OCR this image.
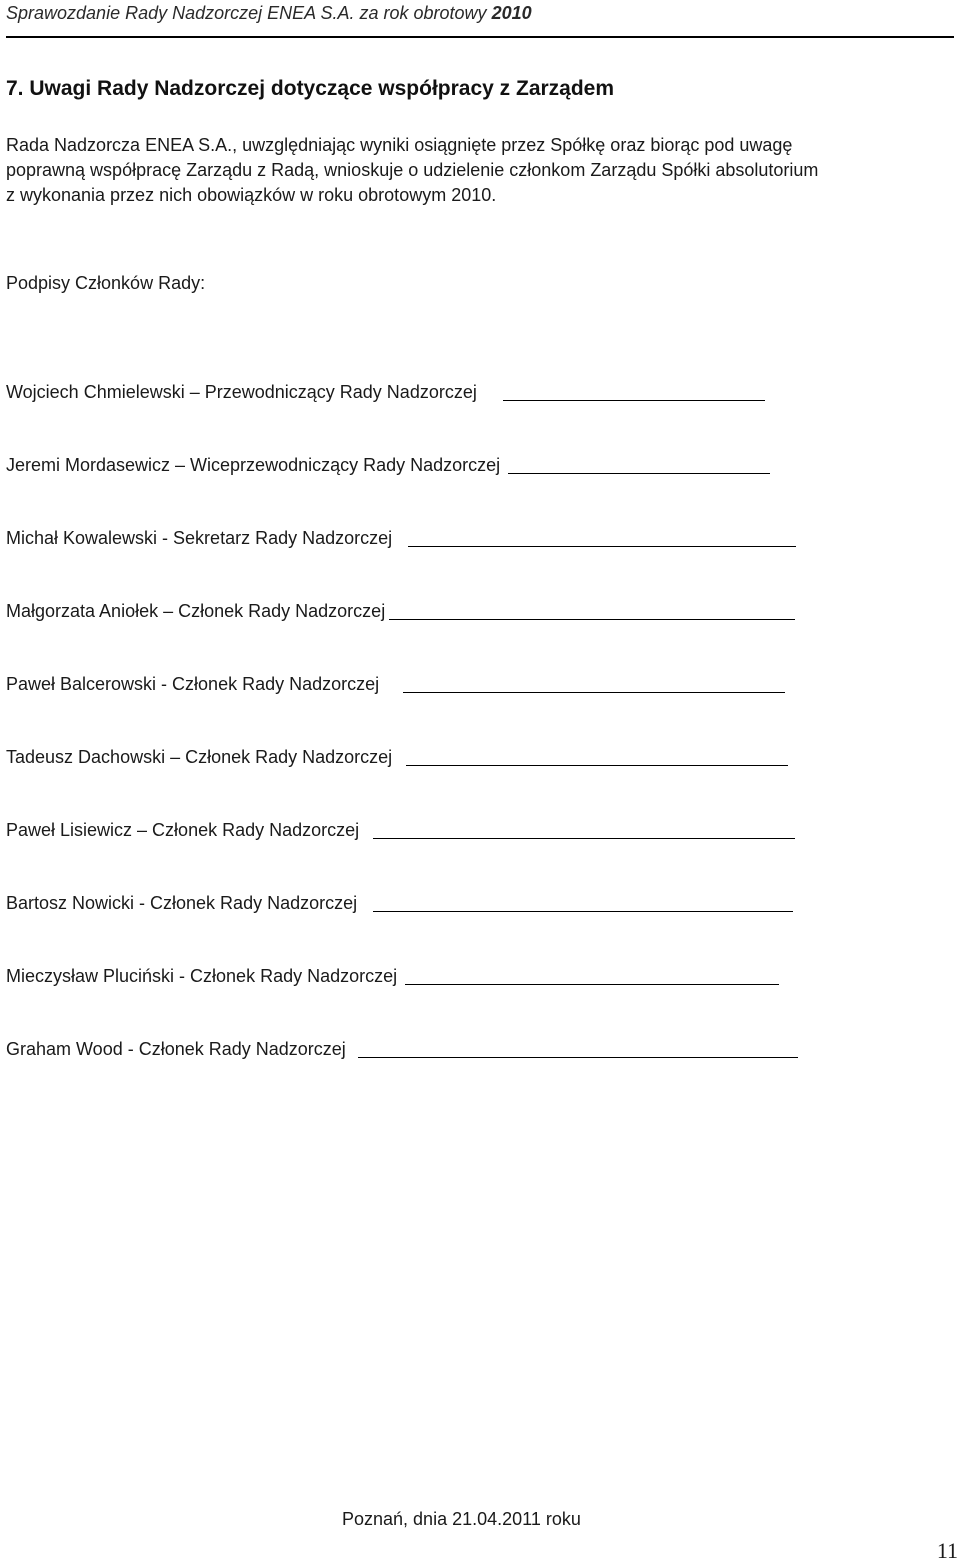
Sprawozdanie Rady Nadzorczej ENEA S.A. za rok obrotowy 2010
7. Uwagi Rady Nadzorczej dotyczące współpracy z Zarządem

Rada Nadzorcza ENEA S.A., uwzględniając wyniki osiągnięte przez Spółkę oraz biorąc pod uwagę
poprawną współpracę Zarządu z Radą, wnioskuje o udzielenie członkom Zarządu Spółki absolutorium
z wykonania przez nich obowiązków w roku obrotowym 2010.

Podpisy Członków Rady:
Wojciech Chmielewski – Przewodniczący Rady Nadzorczej
Jeremi Mordasewicz – Wiceprzewodniczący Rady Nadzorczej
Michał Kowalewski - Sekretarz Rady Nadzorczej
Małgorzata Aniołek – Członek Rady Nadzorczej
Paweł Balcerowski - Członek Rady Nadzorczej
Tadeusz Dachowski – Członek Rady Nadzorczej
Paweł Lisiewicz – Członek Rady Nadzorczej
Bartosz Nowicki - Członek Rady Nadzorczej
Mieczysław Pluciński - Członek Rady Nadzorczej
Graham Wood - Członek Rady Nadzorczej
Poznań, dnia 21.04.2011 roku
11
